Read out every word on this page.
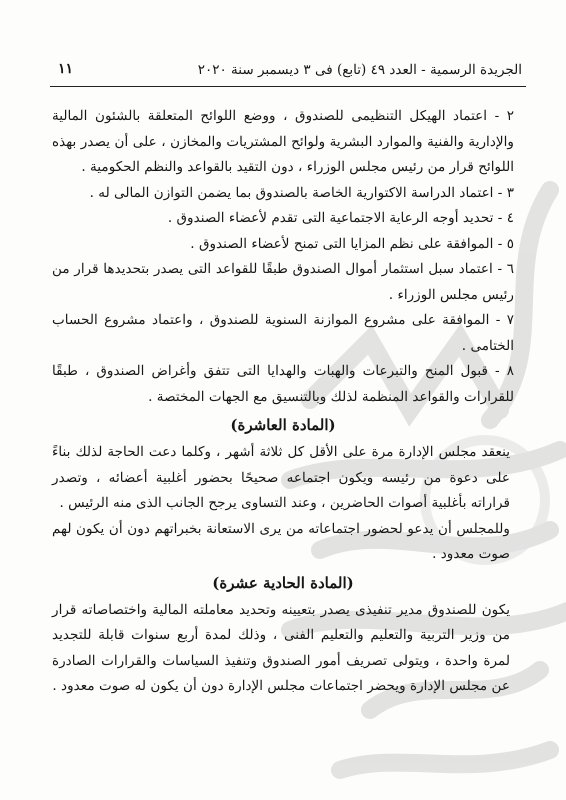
الجريدة الرسمية - العدد ٤٩ (تابع) فى ٣ ديسمبر سنة ٢٠٢٠
١١

٢ - اعتماد الهيكل التنظيمى للصندوق ، ووضع اللوائح المتعلقة بالشئون المالية والإدارية والفنية والموارد البشرية ولوائح المشتريات والمخازن ، على أن يصدر بهذه اللوائح قرار من رئيس مجلس الوزراء ، دون التقيد بالقواعد والنظم الحكومية .

٣ - اعتماد الدراسة الاكتوارية الخاصة بالصندوق بما يضمن التوازن المالى له .

٤ - تحديد أوجه الرعاية الاجتماعية التى تقدم لأعضاء الصندوق .

٥ - الموافقة على نظم المزايا التى تمنح لأعضاء الصندوق .

٦ - اعتماد سبل استثمار أموال الصندوق طبقًا للقواعد التى يصدر بتحديدها قرار من رئيس مجلس الوزراء .

٧ - الموافقة على مشروع الموازنة السنوية للصندوق ، واعتماد مشروع الحساب الختامى .

٨ - قبول المنح والتبرعات والهبات والهدايا التى تتفق وأغراض الصندوق ، طبقًا للقرارات والقواعد المنظمة لذلك وبالتنسيق مع الجهات المختصة .

(المادة العاشرة)

ينعقد مجلس الإدارة مرة على الأقل كل ثلاثة أشهر ، وكلما دعت الحاجة لذلك بناءً على دعوة من رئيسه ويكون اجتماعه صحيحًا بحضور أغلبية أعضائه ، وتصدر قراراته بأغلبية أصوات الحاضرين ، وعند التساوى يرجح الجانب الذى منه الرئيس .

وللمجلس أن يدعو لحضور اجتماعاته من يرى الاستعانة بخبراتهم دون أن يكون لهم صوت معدود .

(المادة الحادية عشرة)

يكون للصندوق مدير تنفيذى يصدر بتعيينه وتحديد معاملته المالية واختصاصاته قرار من وزير التربية والتعليم والتعليم الفنى ، وذلك لمدة أربع سنوات قابلة للتجديد لمرة واحدة ، ويتولى تصريف أمور الصندوق وتنفيذ السياسات والقرارات الصادرة عن مجلس الإدارة ويحضر اجتماعات مجلس الإدارة دون أن يكون له صوت معدود .
